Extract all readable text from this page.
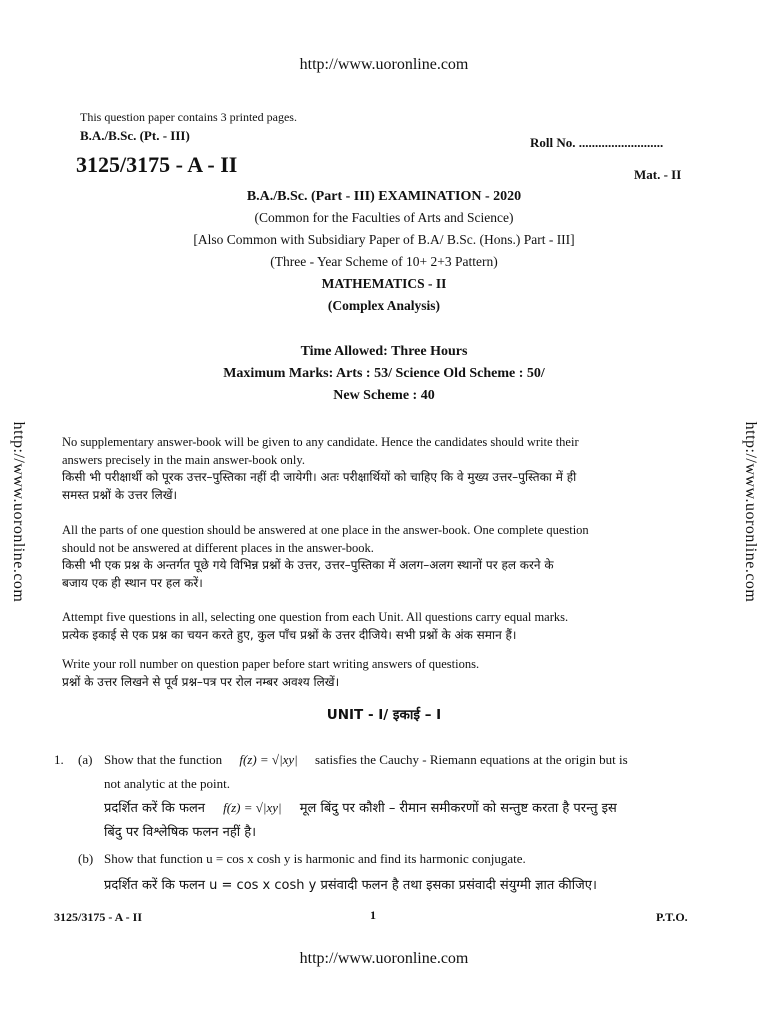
http://www.uoronline.com
http://www.uoronline.com	http://www.uoronline.com
This question paper contains 3 printed pages.
B.A./B.Sc. (Pt. - III)	Roll No. ..........................
3125/3175 - A - II	Mat. - II
B.A./B.Sc. (Part - III) EXAMINATION - 2020
(Common for the Faculties of Arts and Science)
[Also Common with Subsidiary Paper of B.A/ B.Sc. (Hons.) Part - III]
(Three - Year Scheme of 10+ 2+3 Pattern)
MATHEMATICS - II
(Complex Analysis)
Time Allowed: Three Hours
Maximum Marks: Arts : 53/ Science Old Scheme : 50/
New Scheme : 40
No supplementary answer-book will be given to any candidate. Hence the candidates should write their
answers precisely in the main answer-book only.
किसी भी परीक्षार्थी को पूरक उत्तर–पुस्तिका नहीं दी जायेगी। अतः परीक्षार्थियों को चाहिए कि वे मुख्य उत्तर–पुस्तिका में ही
समस्त प्रश्नों के उत्तर लिखें।
All the parts of one question should be answered at one place in the answer-book. One complete question
should not be answered at different places in the answer-book.
किसी भी एक प्रश्न के अन्तर्गत पूछे गये विभिन्न प्रश्नों के उत्तर, उत्तर–पुस्तिका में अलग–अलग स्थानों पर हल करने के
बजाय एक ही स्थान पर हल करें।
Attempt five questions in all, selecting one question from each Unit. All questions carry equal marks.
प्रत्येक इकाई से एक प्रश्न का चयन करते हुए, कुल पाँच प्रश्नों के उत्तर दीजिये। सभी प्रश्नों के अंक समान हैं।
Write your roll number on question paper before start writing answers of questions.
प्रश्नों के उत्तर लिखने से पूर्व प्रश्न–पत्र पर रोल नम्बर अवश्य लिखें।
UNIT - I/ इकाई – I
1. (a) Show that the function f(z) = √|xy| satisfies the Cauchy - Riemann equations at the origin but is
not analytic at the point.
प्रदर्शित करें कि फलन f(z) = √|xy| मूल बिंदु पर कौशी – रीमान समीकरणों को सन्तुष्ट करता है परन्तु इस
बिंदु पर विश्लेषिक फलन नहीं है।
(b) Show that function u = cos x cosh y is harmonic and find its harmonic conjugate.
प्रदर्शित करें कि फलन u = cos x cosh y प्रसंवादी फलन है तथा इसका प्रसंवादी संयुग्मी ज्ञात कीजिए।
3125/3175 - A - II	1	P.T.O.
http://www.uoronline.com
